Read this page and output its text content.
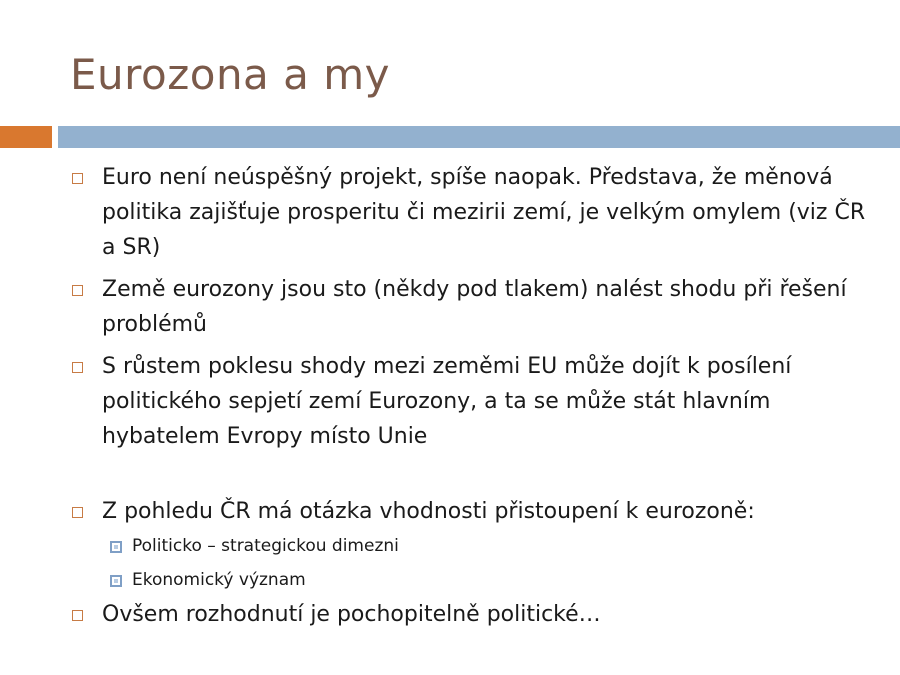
Eurozona a my
Euro není neúspěšný projekt, spíše naopak. Představa, že měnová politika zajišťuje prosperitu či mezirii zemí, je velkým omylem (viz ČR a SR)
Země eurozony jsou sto (někdy pod tlakem) nalést shodu při řešení problémů
S růstem poklesu shody mezi zeměmi EU může dojít k posílení politického sepjetí zemí Eurozony, a ta se může stát hlavním hybatelem Evropy místo Unie
Z pohledu ČR má otázka vhodnosti přistoupení k eurozoně:
Politicko – strategickou dimezni
Ekonomický význam
Ovšem rozhodnutí je pochopitelně politické…
